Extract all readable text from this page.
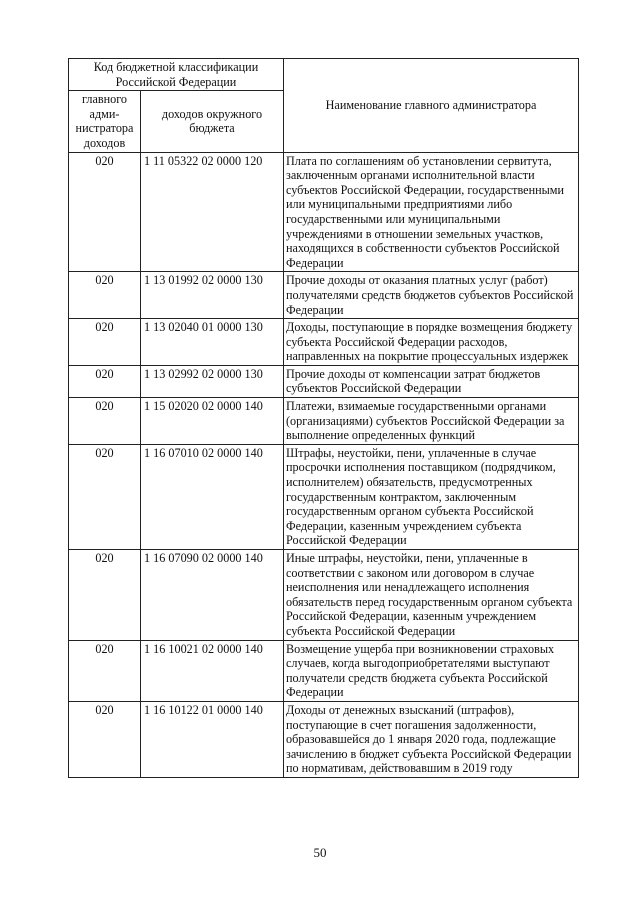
Код бюджетной классификации Российской Федерации		Наименование главного администратора
главного адми-нистратора доходов	доходов окружного бюджета	
020	1 11 05322 02 0000 120	Плата по соглашениям об установлении сервитута, заключенным органами исполнительной власти субъектов Российской Федерации, государственными или муниципальными предприятиями либо государственными или муниципальными учреждениями в отношении земельных участков, находящихся в собственности субъектов Российской Федерации
020	1 13 01992 02 0000 130	Прочие доходы от оказания платных услуг (работ) получателями средств бюджетов субъектов Российской Федерации
020	1 13 02040 01 0000 130	Доходы, поступающие в порядке возмещения бюджету субъекта Российской Федерации расходов, направленных на покрытие процессуальных издержек
020	1 13 02992 02 0000 130	Прочие доходы от компенсации затрат бюджетов субъектов Российской Федерации
020	1 15 02020 02 0000 140	Платежи, взимаемые государственными органами (организациями) субъектов Российской Федерации за выполнение определенных функций
020	1 16 07010 02 0000 140	Штрафы, неустойки, пени, уплаченные в случае просрочки исполнения поставщиком (подрядчиком, исполнителем) обязательств, предусмотренных государственным контрактом, заключенным государственным органом субъекта Российской Федерации, казенным учреждением субъекта Российской Федерации
020	1 16 07090 02 0000 140	Иные штрафы, неустойки, пени, уплаченные в соответствии с законом или договором в случае неисполнения или ненадлежащего исполнения обязательств перед государственным органом субъекта Российской Федерации, казенным учреждением субъекта Российской Федерации
020	1 16 10021 02 0000 140	Возмещение ущерба при возникновении страховых случаев, когда выгодоприобретателями выступают получатели средств бюджета субъекта Российской Федерации
020	1 16 10122 01 0000 140	Доходы от денежных взысканий (штрафов), поступающие в счет погашения задолженности, образовавшейся до 1 января 2020 года, подлежащие зачислению в бюджет субъекта Российской Федерации по нормативам, действовавшим в 2019 году
50
